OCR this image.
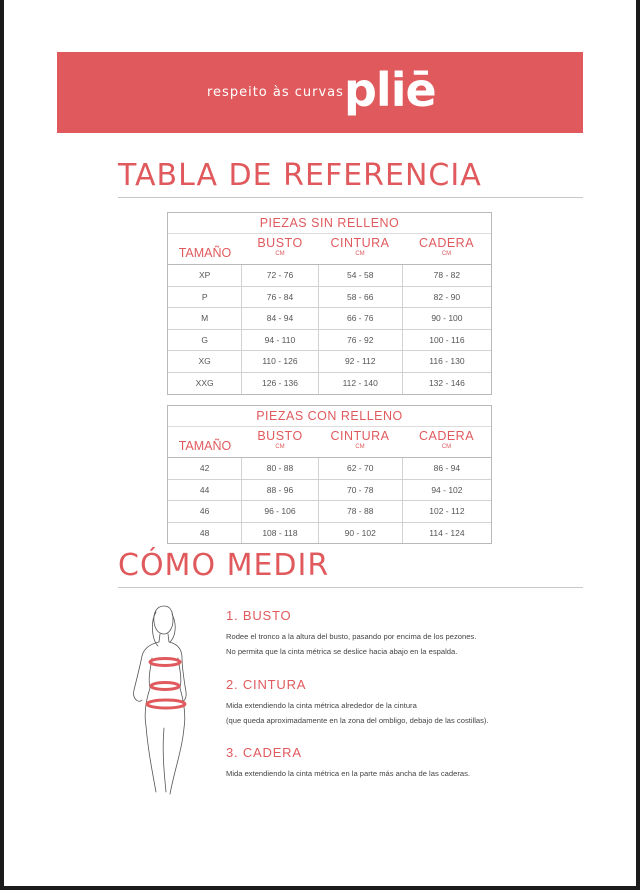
respeito às curvas pliē
TABLA DE REFERENCIA
PIEZAS SIN RELLENO
TAMAÑO
BUSTO
CM
CINTURA
CM
CADERA
CM
XP	72 - 76	54 - 58	78 - 82
P	76 - 84	58 - 66	82 - 90
M	84 - 94	66 - 76	90 - 100
G	94 - 110	76 - 92	100 - 116
XG	110 - 126	92 - 112	116 - 130
XXG	126 - 136	112 - 140	132 - 146
PIEZAS CON RELLENO
TAMAÑO
BUSTO
CM
CINTURA
CM
CADERA
CM
42	80 - 88	62 - 70	86 - 94
44	88 - 96	70 - 78	94 - 102
46	96 - 106	78 - 88	102 - 112
48	108 - 118	90 - 102	114 - 124
CÓMO MEDIR
1. BUSTO
Rodee el tronco a la altura del busto, pasando por encima de los pezones.
No permita que la cinta métrica se deslice hacia abajo en la espalda.
2. CINTURA
Mida extendiendo la cinta métrica alrededor de la cintura
(que queda aproximadamente en la zona del ombligo, debajo de las costillas).
3. CADERA
Mida extendiendo la cinta métrica en la parte más ancha de las caderas.
